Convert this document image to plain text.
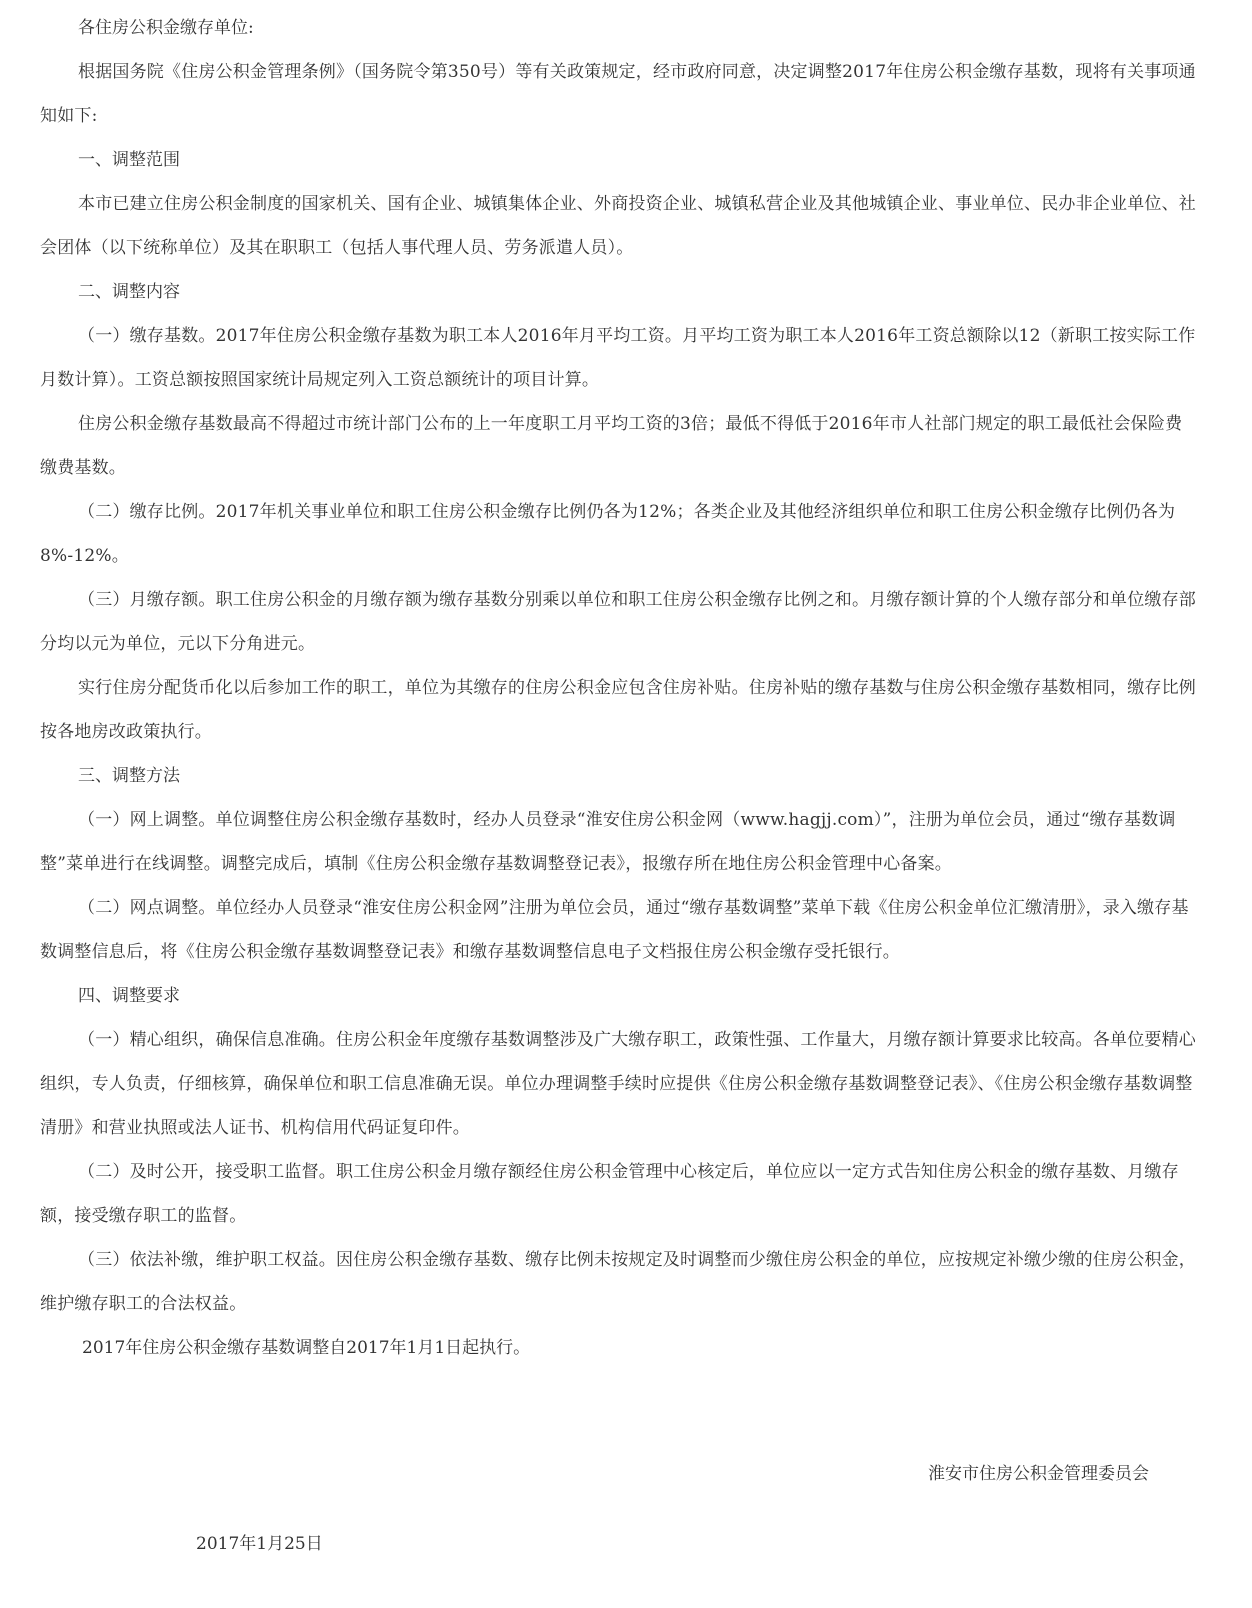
各住房公积金缴存单位:

根据国务院《住房公积金管理条例》（国务院令第350号）等有关政策规定，经市政府同意，决定调整2017年住房公积金缴存基数，现将有关事项通知如下:

一、调整范围

本市已建立住房公积金制度的国家机关、国有企业、城镇集体企业、外商投资企业、城镇私营企业及其他城镇企业、事业单位、民办非企业单位、社会团体（以下统称单位）及其在职职工（包括人事代理人员、劳务派遣人员）。

二、调整内容

（一）缴存基数。2017年住房公积金缴存基数为职工本人2016年月平均工资。月平均工资为职工本人2016年工资总额除以12（新职工按实际工作月数计算）。工资总额按照国家统计局规定列入工资总额统计的项目计算。

住房公积金缴存基数最高不得超过市统计部门公布的上一年度职工月平均工资的3倍；最低不得低于2016年市人社部门规定的职工最低社会保险费缴费基数。

（二）缴存比例。2017年机关事业单位和职工住房公积金缴存比例仍各为12%；各类企业及其他经济组织单位和职工住房公积金缴存比例仍各为8%-12%。

（三）月缴存额。职工住房公积金的月缴存额为缴存基数分别乘以单位和职工住房公积金缴存比例之和。月缴存额计算的个人缴存部分和单位缴存部分均以元为单位，元以下分角进元。

实行住房分配货币化以后参加工作的职工，单位为其缴存的住房公积金应包含住房补贴。住房补贴的缴存基数与住房公积金缴存基数相同，缴存比例按各地房改政策执行。

三、调整方法

（一）网上调整。单位调整住房公积金缴存基数时，经办人员登录“淮安住房公积金网（www.hagjj.com）”，注册为单位会员，通过“缴存基数调整”菜单进行在线调整。调整完成后，填制《住房公积金缴存基数调整登记表》，报缴存所在地住房公积金管理中心备案。

（二）网点调整。单位经办人员登录“淮安住房公积金网”注册为单位会员，通过“缴存基数调整”菜单下载《住房公积金单位汇缴清册》，录入缴存基数调整信息后，将《住房公积金缴存基数调整登记表》和缴存基数调整信息电子文档报住房公积金缴存受托银行。

四、调整要求

（一）精心组织，确保信息准确。住房公积金年度缴存基数调整涉及广大缴存职工，政策性强、工作量大，月缴存额计算要求比较高。各单位要精心组织，专人负责，仔细核算，确保单位和职工信息准确无误。单位办理调整手续时应提供《住房公积金缴存基数调整登记表》、《住房公积金缴存基数调整清册》和营业执照或法人证书、机构信用代码证复印件。

（二）及时公开，接受职工监督。职工住房公积金月缴存额经住房公积金管理中心核定后，单位应以一定方式告知住房公积金的缴存基数、月缴存额，接受缴存职工的监督。

（三）依法补缴，维护职工权益。因住房公积金缴存基数、缴存比例未按规定及时调整而少缴住房公积金的单位，应按规定补缴少缴的住房公积金，维护缴存职工的合法权益。

2017年住房公积金缴存基数调整自2017年1月1日起执行。

淮安市住房公积金管理委员会
2017年1月25日
